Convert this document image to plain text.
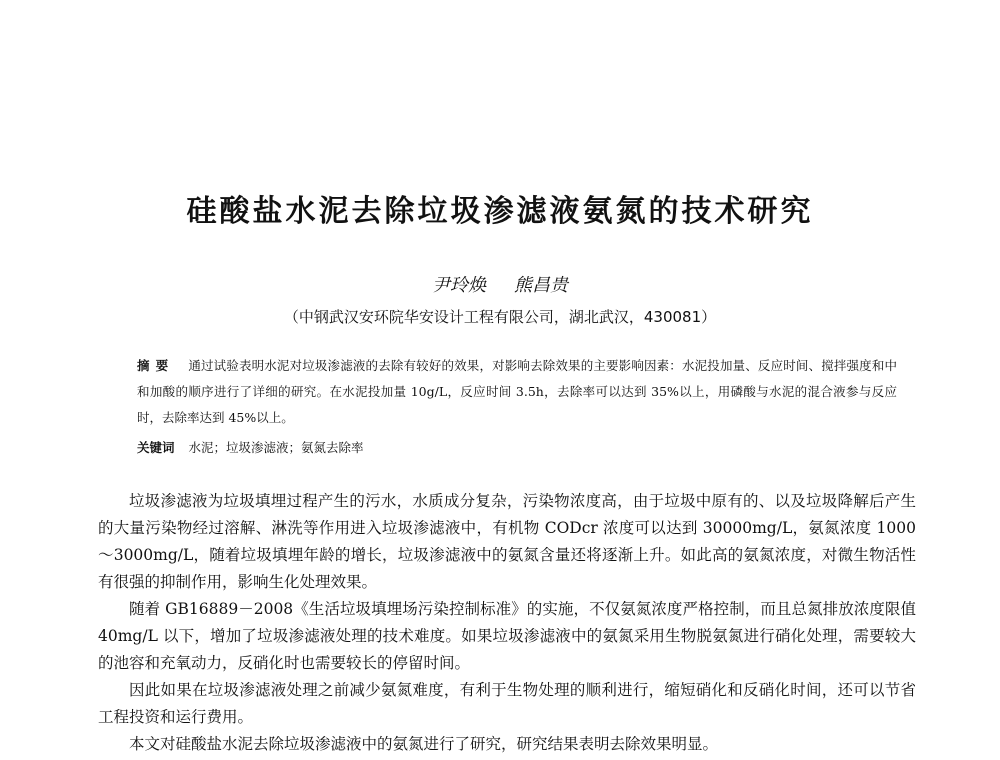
硅酸盐水泥去除垃圾渗滤液氨氮的技术研究
尹玲焕 熊昌贵
（中钢武汉安环院华安设计工程有限公司，湖北武汉，430081）
摘要 通过试验表明水泥对垃圾渗滤液的去除有较好的效果，对影响去除效果的主要影响因素：水泥投加量、反应时间、搅拌强度和中和加酸的顺序进行了详细的研究。在水泥投加量 10g/L，反应时间 3.5h，去除率可以达到 35%以上，用磷酸与水泥的混合液参与反应时，去除率达到 45%以上。
关键词 水泥；垃圾渗滤液；氨氮去除率

垃圾渗滤液为垃圾填埋过程产生的污水，水质成分复杂，污染物浓度高，由于垃圾中原有的、以及垃圾降解后产生的大量污染物经过溶解、淋洗等作用进入垃圾渗滤液中，有机物 CODcr 浓度可以达到 30000mg/L，氨氮浓度 1000～3000mg/L，随着垃圾填埋年龄的增长，垃圾渗滤液中的氨氮含量还将逐渐上升。如此高的氨氮浓度，对微生物活性有很强的抑制作用，影响生化处理效果。

随着 GB16889－2008《生活垃圾填埋场污染控制标准》的实施，不仅氨氮浓度严格控制，而且总氮排放浓度限值 40mg/L 以下，增加了垃圾渗滤液处理的技术难度。如果垃圾渗滤液中的氨氮采用生物脱氨氮进行硝化处理，需要较大的池容和充氧动力，反硝化时也需要较长的停留时间。

因此如果在垃圾渗滤液处理之前减少氨氮难度，有利于生物处理的顺利进行，缩短硝化和反硝化时间，还可以节省工程投资和运行费用。

本文对硅酸盐水泥去除垃圾渗滤液中的氨氮进行了研究，研究结果表明去除效果明显。
